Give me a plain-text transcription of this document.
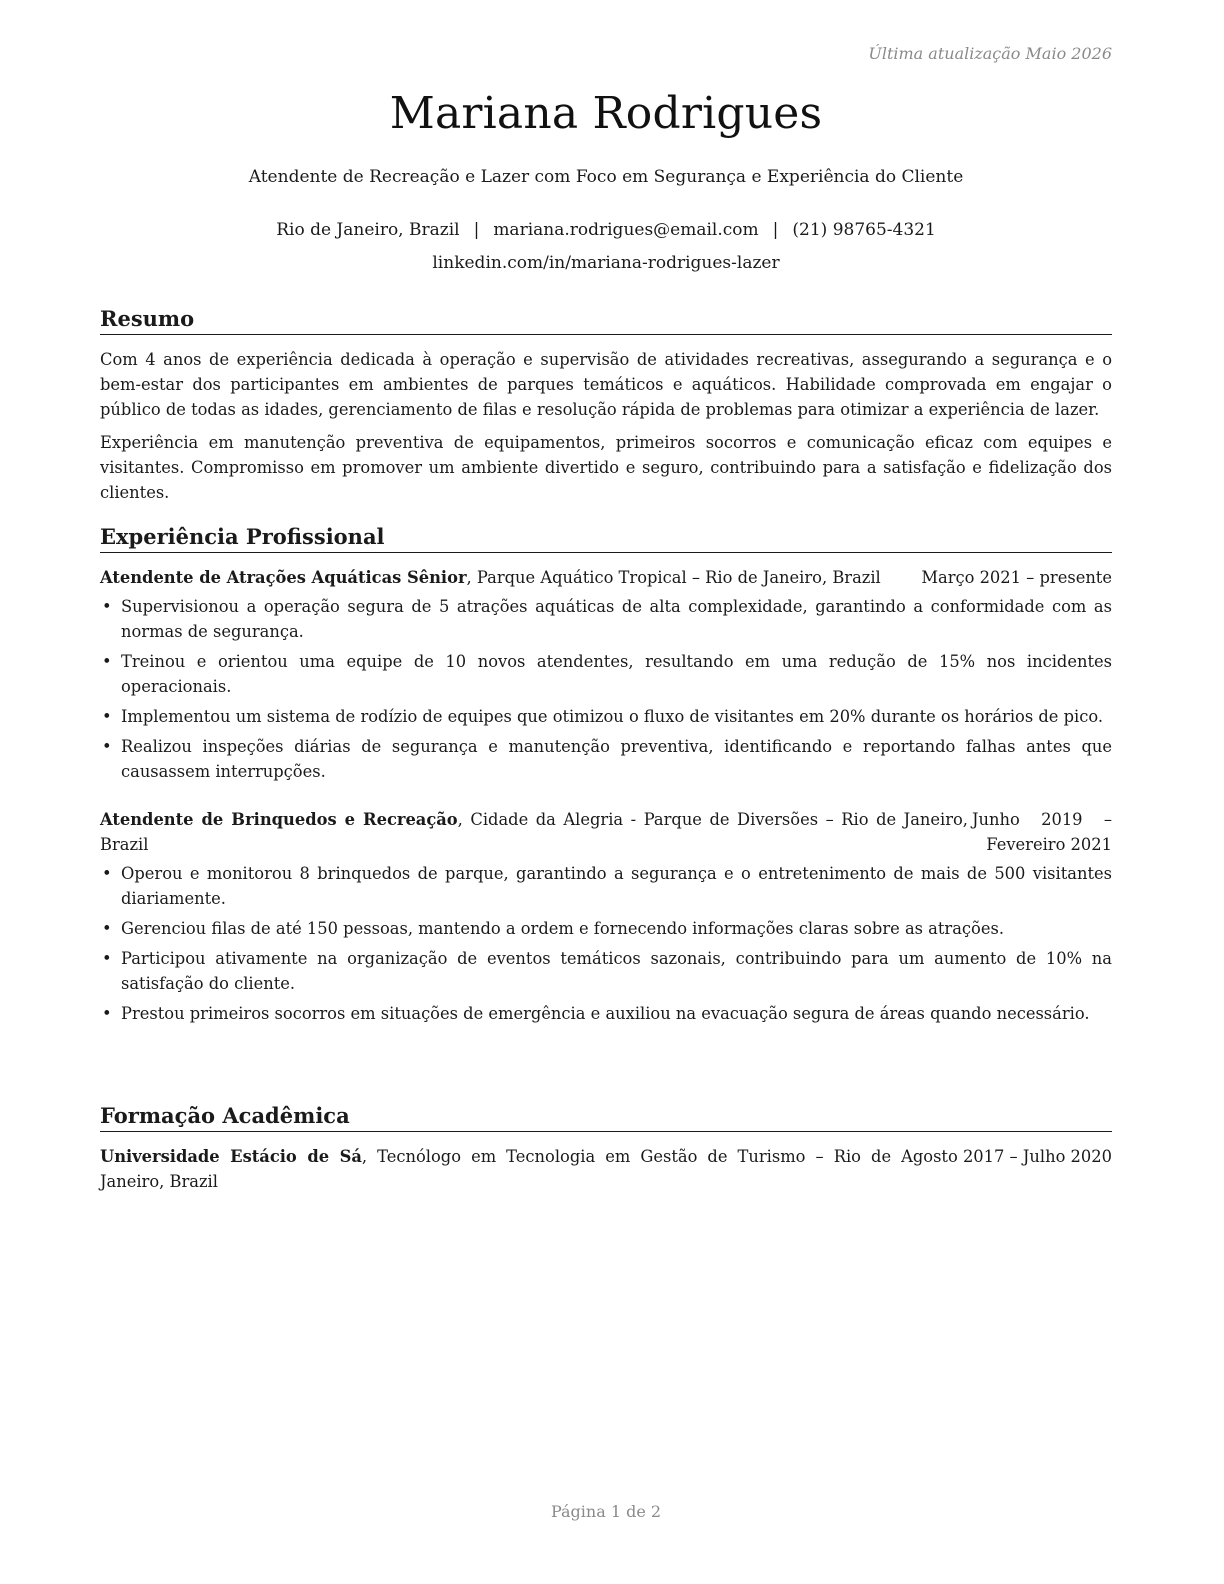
Última atualização Maio 2026
Mariana Rodrigues
Atendente de Recreação e Lazer com Foco em Segurança e Experiência do Cliente
Rio de Janeiro, Brazil | mariana.rodrigues@email.com | (21) 98765-4321
linkedin.com/in/mariana-rodrigues-lazer
Resumo

Com 4 anos de experiência dedicada à operação e supervisão de atividades recreativas, assegurando a segurança e o bem-estar dos participantes em ambientes de parques temáticos e aquáticos. Habilidade comprovada em engajar o público de todas as idades, gerenciamento de filas e resolução rápida de problemas para otimizar a experiência de lazer.

Experiência em manutenção preventiva de equipamentos, primeiros socorros e comunicação eficaz com equipes e visitantes. Compromisso em promover um ambiente divertido e seguro, contribuindo para a satisfação e fidelização dos clientes.

Experiência Profissional
Atendente de Atrações Aquáticas Sênior, Parque Aquático Tropical – Rio de Janeiro, Brazil	Março 2021 – presente
• Supervisionou a operação segura de 5 atrações aquáticas de alta complexidade, garantindo a conformidade com as normas de segurança.
• Treinou e orientou uma equipe de 10 novos atendentes, resultando em uma redução de 15% nos incidentes operacionais.
• Implementou um sistema de rodízio de equipes que otimizou o fluxo de visitantes em 20% durante os horários de pico.
• Realizou inspeções diárias de segurança e manutenção preventiva, identificando e reportando falhas antes que causassem interrupções.
Atendente de Brinquedos e Recreação, Cidade da Alegria - Parque de Diversões – Rio de Janeiro, Brazil
Junho 2019 – Fevereiro 2021
• Operou e monitorou 8 brinquedos de parque, garantindo a segurança e o entretenimento de mais de 500 visitantes diariamente.
• Gerenciou filas de até 150 pessoas, mantendo a ordem e fornecendo informações claras sobre as atrações.
• Participou ativamente na organização de eventos temáticos sazonais, contribuindo para um aumento de 10% na satisfação do cliente.
• Prestou primeiros socorros em situações de emergência e auxiliou na evacuação segura de áreas quando necessário.
Formação Acadêmica
Universidade Estácio de Sá, Tecnólogo em Tecnologia em Gestão de Turismo – Rio de Janeiro, Brazil
Agosto 2017 – Julho 2020
Página 1 de 2
